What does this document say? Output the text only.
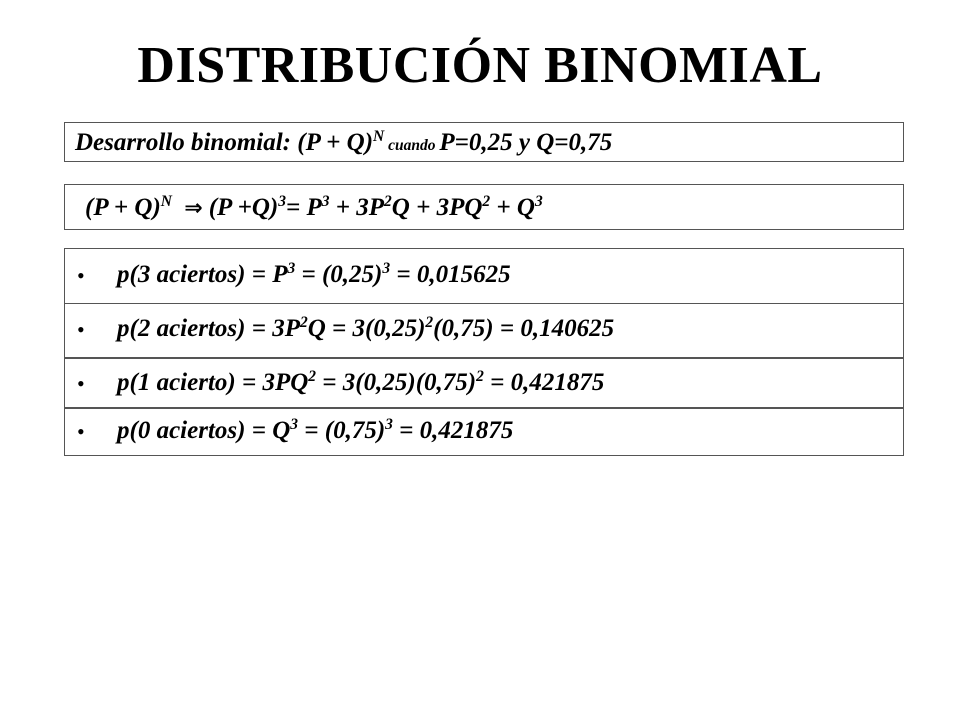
DISTRIBUCIÓN BINOMIAL
Desarrollo binomial: $(P + Q)^N$ cuando P=0,25 y Q=0,75
$(P + Q)^N$ ⇒ $(P +Q)^3= P^3 + 3P^2Q + 3PQ^2 + Q^3$
• p(3 aciertos) = $P^3 = (0,25)^3 = 0,015625$
• p(2 aciertos) = $3P^2Q = 3(0,25)^2(0,75) = 0,140625$
• p(1 acierto) = $3PQ^2 = 3(0,25)(0,75)^2 = 0,421875$
• p(0 aciertos) = $Q^3 = (0,75)^3 = 0,421875$
